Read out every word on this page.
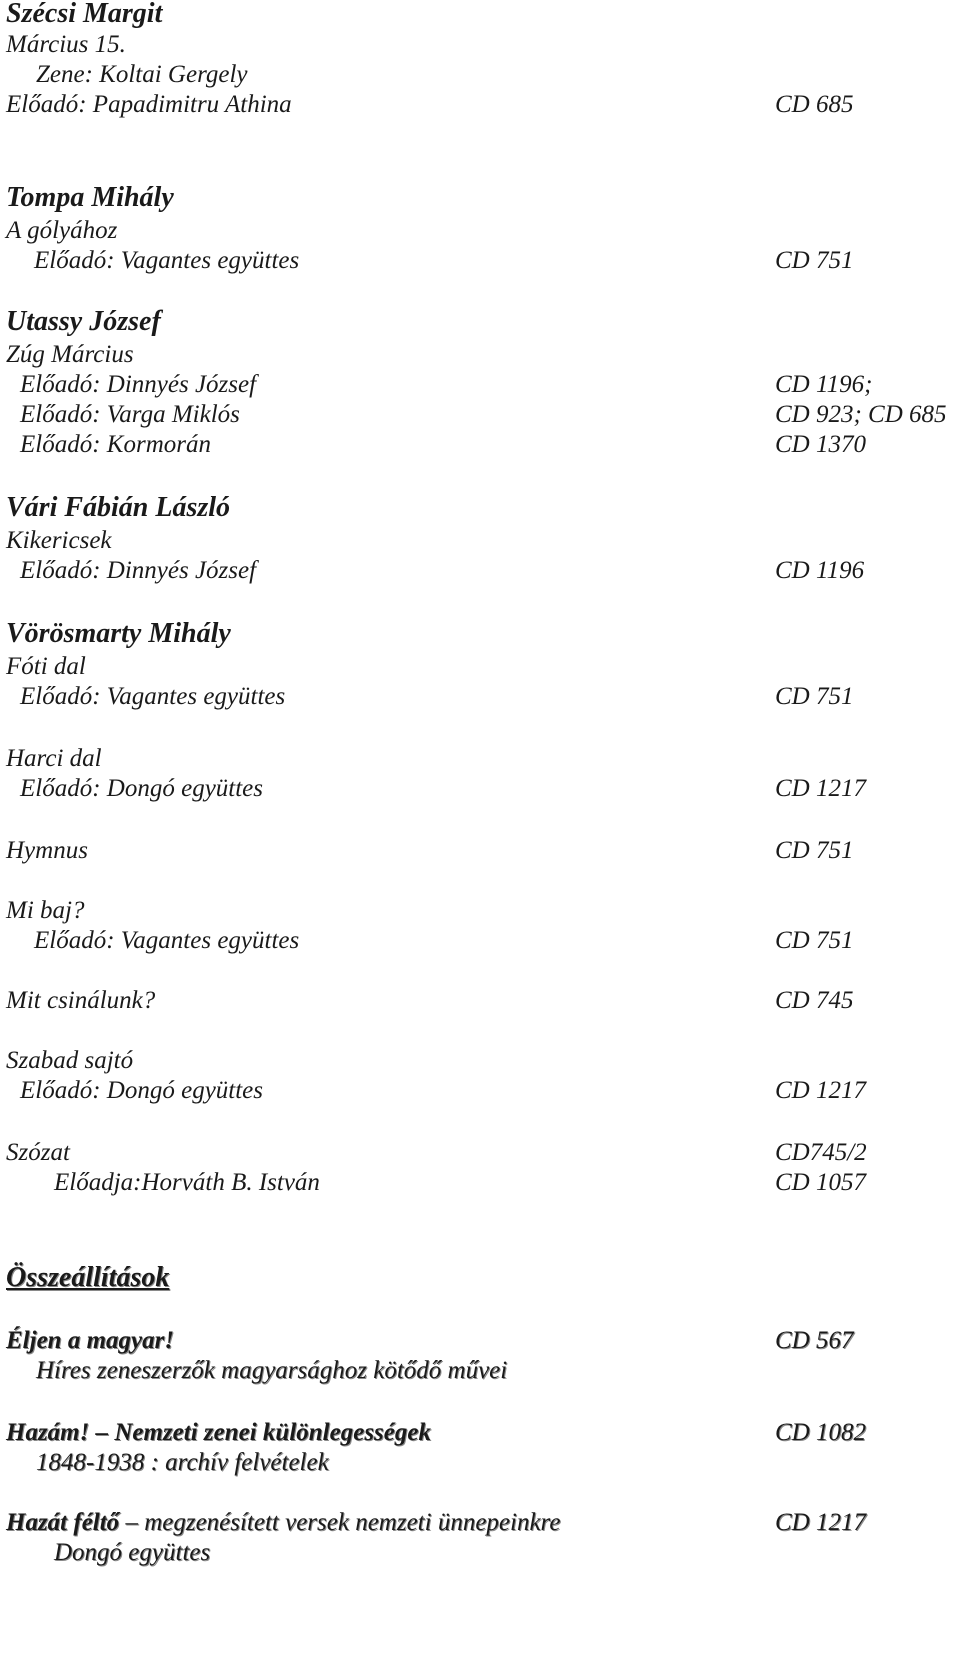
Szécsi Margit
Március 15.
Zene: Koltai Gergely
Előadó: Papadimitru Athina	CD 685
Tompa Mihály
A gólyához
Előadó: Vagantes együttes	CD 751
Utassy József
Zúg Március
Előadó: Dinnyés József	CD 1196;
Előadó: Varga Miklós	CD 923; CD 685
Előadó: Kormorán	CD 1370
Vári Fábián László
Kikericsek
Előadó: Dinnyés József	CD 1196
Vörösmarty Mihály
Fóti dal
Előadó: Vagantes együttes	CD 751
Harci dal
Előadó: Dongó együttes	CD 1217
Hymnus	CD 751
Mi baj?
Előadó: Vagantes együttes	CD 751
Mit csinálunk?	CD 745
Szabad sajtó
Előadó: Dongó együttes	CD 1217
Szózat	CD745/2
Előadja:Horváth B. István	CD 1057
Összeállítások
Éljen a magyar!	CD 567
Híres zeneszerzők magyarsághoz kötődő művei
Hazám! – Nemzeti zenei különlegességek	CD 1082
1848-1938 : archív felvételek
Hazát féltő – megzenésített versek nemzeti ünnepeinkre	CD 1217
Dongó együttes
